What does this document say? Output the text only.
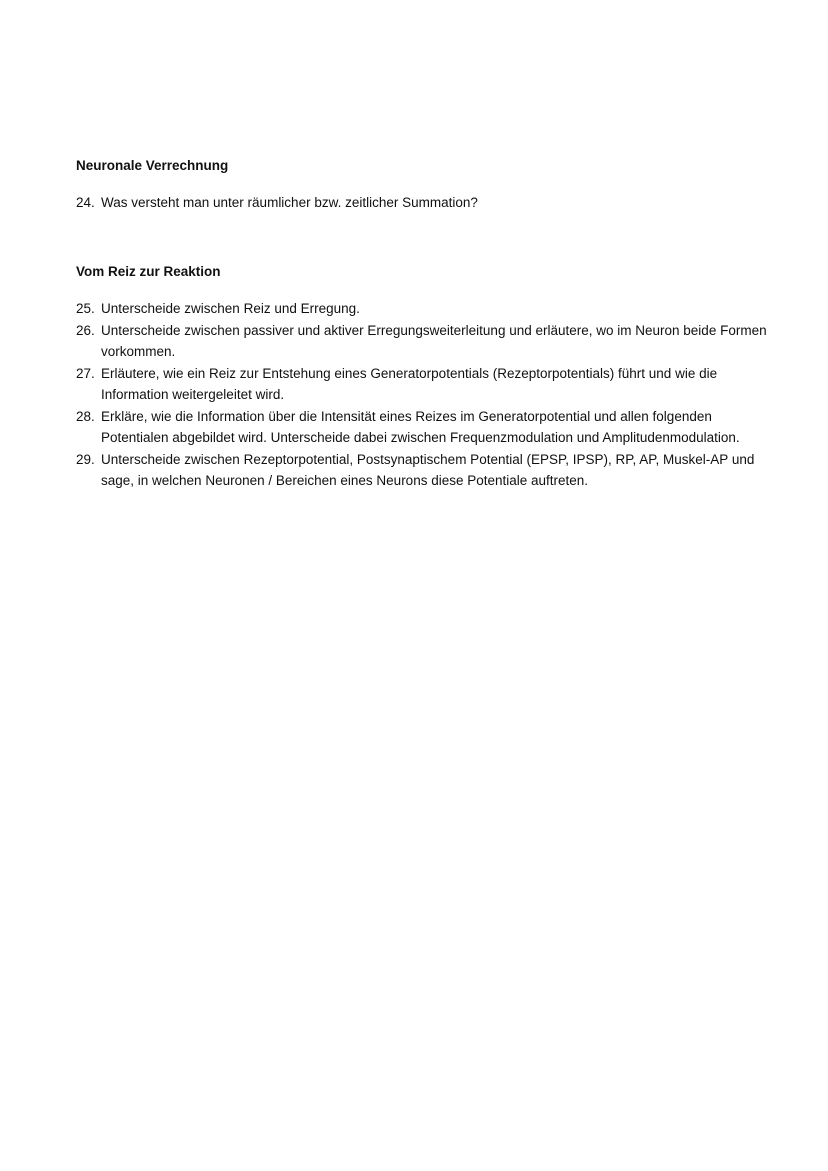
Neuronale Verrechnung
24. Was versteht man unter räumlicher bzw. zeitlicher Summation?
Vom Reiz zur Reaktion
25. Unterscheide zwischen Reiz und Erregung.
26. Unterscheide zwischen passiver und aktiver Erregungsweiterleitung und erläutere, wo im Neuron beide Formen vorkommen.
27. Erläutere, wie ein Reiz zur Entstehung eines Generatorpotentials (Rezeptorpotentials) führt und wie die Information weitergeleitet wird.
28. Erkläre, wie die Information über die Intensität eines Reizes im Generatorpotential und allen folgenden Potentialen abgebildet wird. Unterscheide dabei zwischen Frequenzmodulation und Amplitudenmodulation.
29. Unterscheide zwischen Rezeptorpotential, Postsynaptischem Potential (EPSP, IPSP), RP, AP, Muskel-AP und sage, in welchen Neuronen / Bereichen eines Neurons diese Potentiale auftreten.
